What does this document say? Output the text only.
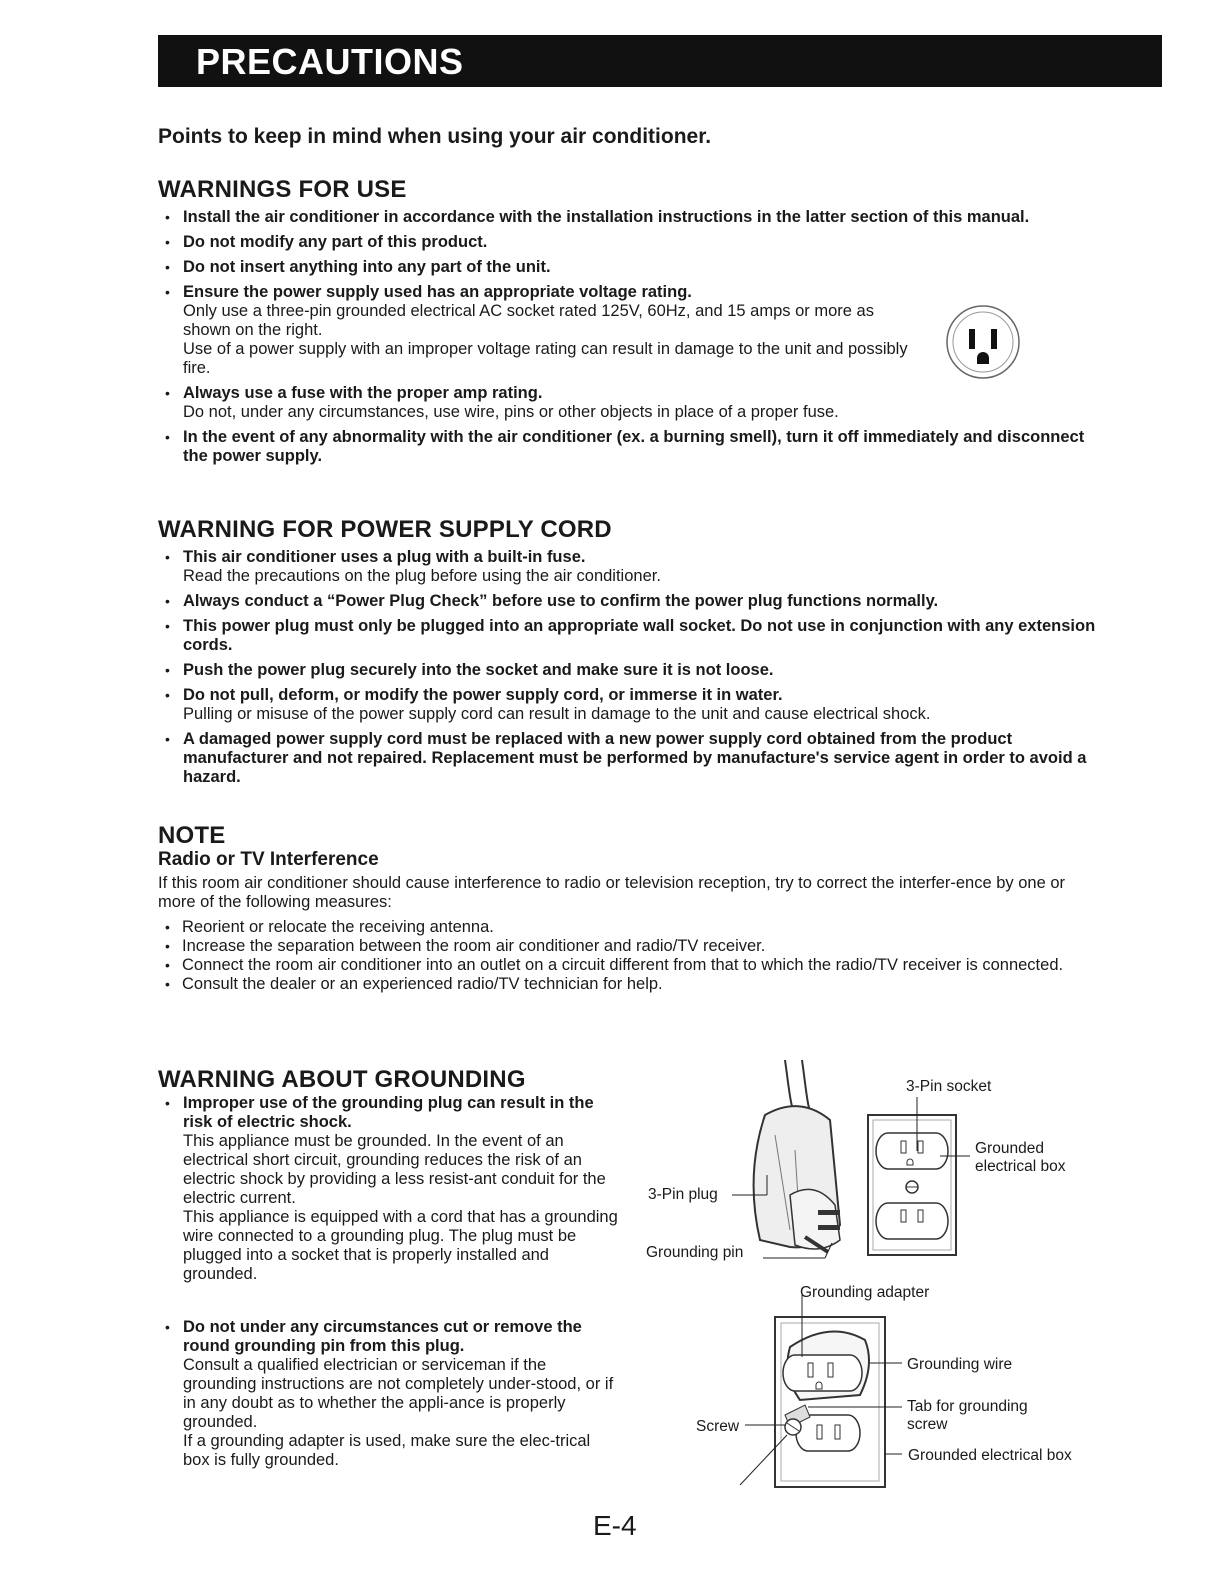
PRECAUTIONS
Points to keep in mind when using your air conditioner.
WARNINGS FOR USE
• Install the air conditioner in accordance with the installation instructions in the latter section of this manual.
• Do not modify any part of this product.
• Do not insert anything into any part of the unit.
• Ensure the power supply used has an appropriate voltage rating.
Only use a three-pin grounded electrical AC socket rated 125V, 60Hz, and 15 amps or more as shown on the right.
Use of a power supply with an improper voltage rating can result in damage to the unit and possibly fire.
• Always use a fuse with the proper amp rating.
Do not, under any circumstances, use wire, pins or other objects in place of a proper fuse.
• In the event of any abnormality with the air conditioner (ex. a burning smell), turn it off immediately and disconnect the power supply.
WARNING FOR POWER SUPPLY CORD
• This air conditioner uses a plug with a built-in fuse.
Read the precautions on the plug before using the air conditioner.
• Always conduct a “Power Plug Check” before use to confirm the power plug functions normally.
• This power plug must only be plugged into an appropriate wall socket. Do not use in conjunction with any extension cords.
• Push the power plug securely into the socket and make sure it is not loose.
• Do not pull, deform, or modify the power supply cord, or immerse it in water.
Pulling or misuse of the power supply cord can result in damage to the unit and cause electrical shock.
• A damaged power supply cord must be replaced with a new power supply cord obtained from the product manufacturer and not repaired. Replacement must be performed by manufacture's service agent in order to avoid a hazard.
NOTE
Radio or TV Interference
If this room air conditioner should cause interference to radio or television reception, try to correct the interfer-ence by one or more of the following measures:
• Reorient or relocate the receiving antenna.
• Increase the separation between the room air conditioner and radio/TV receiver.
• Connect the room air conditioner into an outlet on a circuit different from that to which the radio/TV receiver is connected.
• Consult the dealer or an experienced radio/TV technician for help.
WARNING ABOUT GROUNDING
• Improper use of the grounding plug can result in the risk of electric shock.
This appliance must be grounded. In the event of an electrical short circuit, grounding reduces the risk of an electric shock by providing a less resist-ant conduit for the electric current.
This appliance is equipped with a cord that has a grounding wire connected to a grounding plug. The plug must be plugged into a socket that is properly installed and grounded.
• Do not under any circumstances cut or remove the round grounding pin from this plug.
Consult a qualified electrician or serviceman if the grounding instructions are not completely under-stood, or if in any doubt as to whether the appli-ance is properly grounded.
If a grounding adapter is used, make sure the elec-trical box is fully grounded.
3-Pin socket
Grounded
electrical box
3-Pin plug
Grounding pin
Grounding adapter
Grounding wire
Tab for grounding
screw
Screw
Grounded electrical box
E-4
